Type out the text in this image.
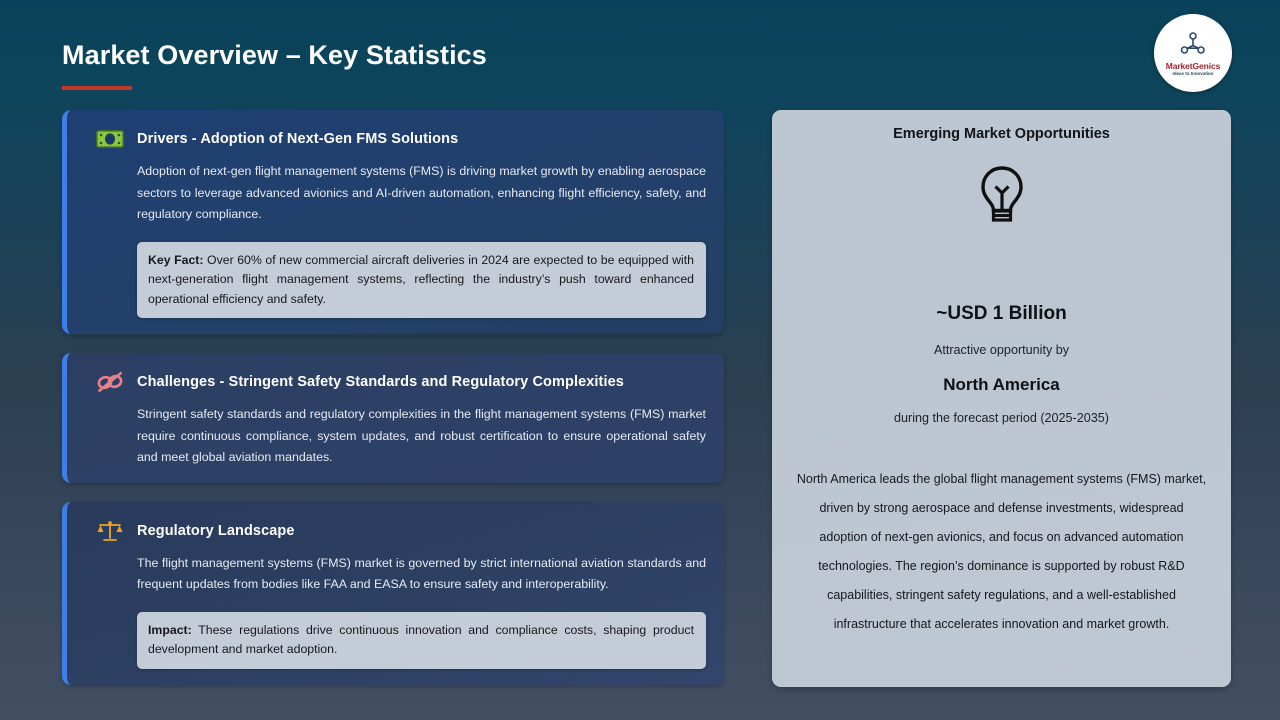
Market Overview – Key Statistics	MarketGenics
Ideas to Innovation
Drivers - Adoption of Next-Gen FMS Solutions
Adoption of next-gen flight management systems (FMS) is driving market growth by enabling aerospace sectors to leverage advanced avionics and AI-driven automation, enhancing flight efficiency, safety, and regulatory compliance.
Key Fact: Over 60% of new commercial aircraft deliveries in 2024 are expected to be equipped with next-generation flight management systems, reflecting the industry’s push toward enhanced operational efficiency and safety.
Challenges - Stringent Safety Standards and Regulatory Complexities
Stringent safety standards and regulatory complexities in the flight management systems (FMS) market require continuous compliance, system updates, and robust certification to ensure operational safety and meet global aviation mandates.
Regulatory Landscape
The flight management systems (FMS) market is governed by strict international aviation standards and frequent updates from bodies like FAA and EASA to ensure safety and interoperability.
Impact: These regulations drive continuous innovation and compliance costs, shaping product development and market adoption.
Emerging Market Opportunities
~USD 1 Billion
Attractive opportunity by
North America
during the forecast period (2025-2035)
North America leads the global flight management systems (FMS) market, driven by strong aerospace and defense investments, widespread adoption of next-gen avionics, and focus on advanced automation technologies. The region’s dominance is supported by robust R&D capabilities, stringent safety regulations, and a well-established infrastructure that accelerates innovation and market growth.
